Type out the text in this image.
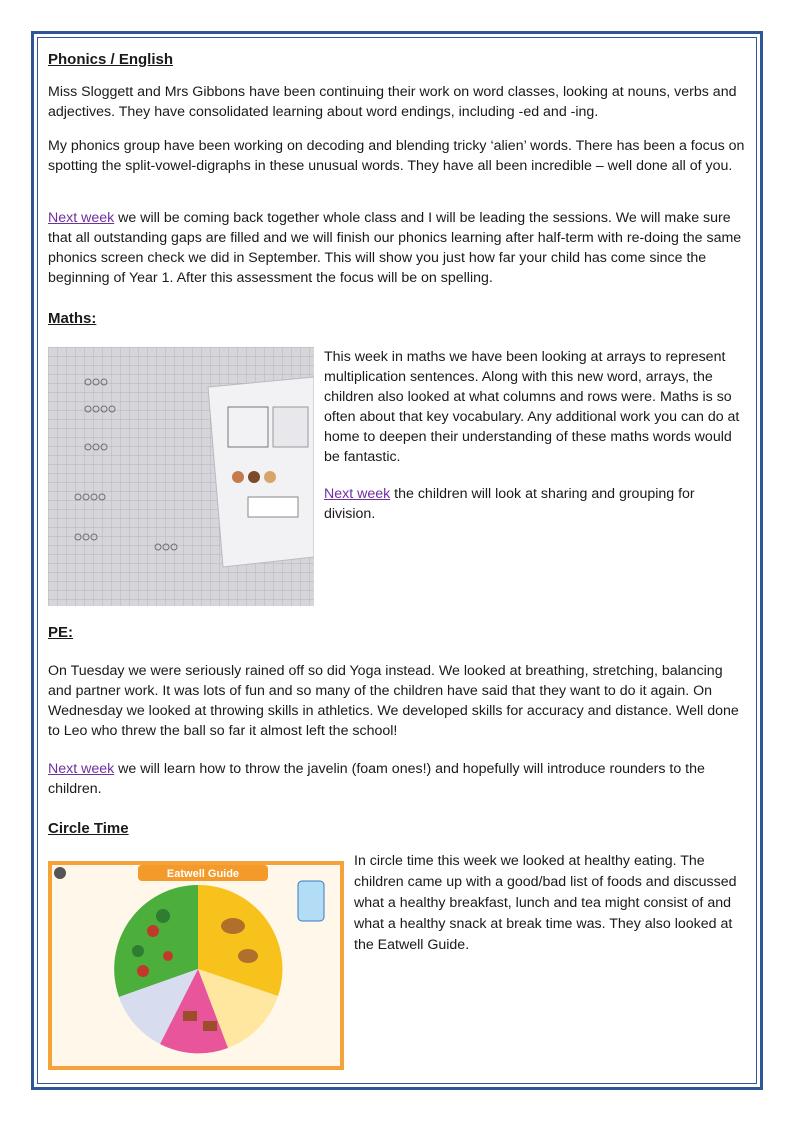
Phonics / English

Miss Sloggett and Mrs Gibbons have been continuing their work on word classes, looking at nouns, verbs and adjectives. They have consolidated learning about word endings, including -ed and -ing.

My phonics group have been working on decoding and blending tricky ‘alien’ words. There has been a focus on spotting the split-vowel-digraphs in these unusual words. They have all been incredible – well done all of you.

Next week we will be coming back together whole class and I will be leading the sessions. We will make sure that all outstanding gaps are filled and we will finish our phonics learning after half-term with re-doing the same phonics screen check we did in September. This will show you just how far your child has come since the beginning of Year 1. After this assessment the focus will be on spelling.

Maths:

This week in maths we have been looking at arrays to represent multiplication sentences. Along with this new word, arrays, the children also looked at what columns and rows were. Maths is so often about that key vocabulary. Any additional work you can do at home to deepen their understanding of these maths words would be fantastic.

Next week the children will look at sharing and grouping for division.

PE:

On Tuesday we were seriously rained off so did Yoga instead. We looked at breathing, stretching, balancing and partner work. It was lots of fun and so many of the children have said that they want to do it again. On Wednesday we looked at throwing skills in athletics. We developed skills for accuracy and distance. Well done to Leo who threw the ball so far it almost left the school!

Next week we will learn how to throw the javelin (foam ones!) and hopefully will introduce rounders to the children.

Circle Time
Eatwell Guide

In circle time this week we looked at healthy eating. The children came up with a good/bad list of foods and discussed what a healthy breakfast, lunch and tea might consist of and what a healthy snack at break time was. They also looked at the Eatwell Guide.
